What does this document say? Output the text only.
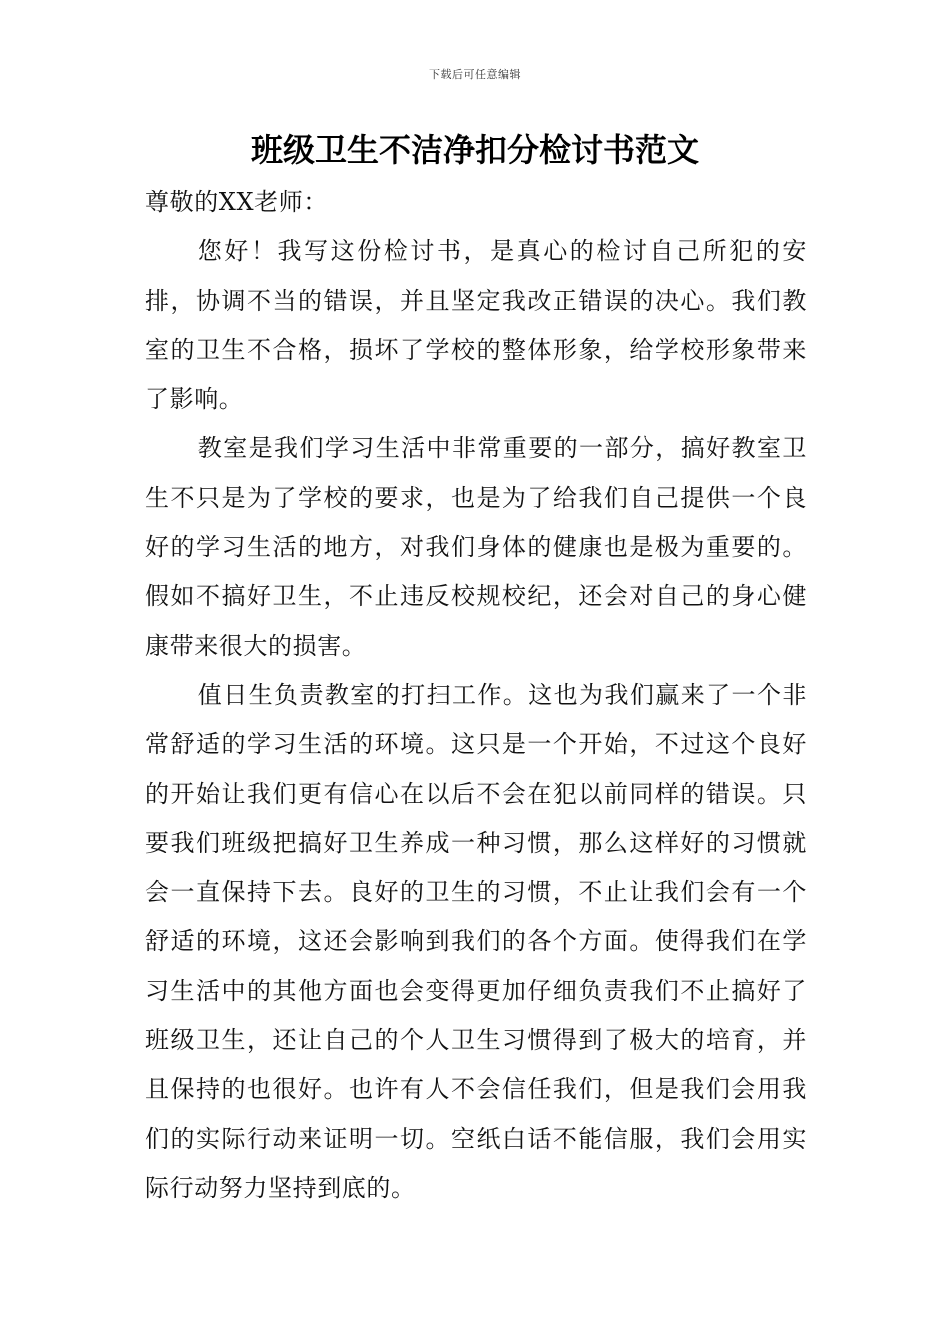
下载后可任意编辑
班级卫生不洁净扣分检讨书范文

尊敬的XX老师：

您好！我写这份检讨书，是真心的检讨自己所犯的安排，协调不当的错误，并且坚定我改正错误的决心。我们教室的卫生不合格，损坏了学校的整体形象，给学校形象带来了影响。

教室是我们学习生活中非常重要的一部分，搞好教室卫生不只是为了学校的要求，也是为了给我们自己提供一个良好的学习生活的地方，对我们身体的健康也是极为重要的。假如不搞好卫生，不止违反校规校纪，还会对自己的身心健康带来很大的损害。

值日生负责教室的打扫工作。这也为我们赢来了一个非常舒适的学习生活的环境。这只是一个开始，不过这个良好的开始让我们更有信心在以后不会在犯以前同样的错误。只要我们班级把搞好卫生养成一种习惯，那么这样好的习惯就会一直保持下去。良好的卫生的习惯，不止让我们会有一个舒适的环境，这还会影响到我们的各个方面。使得我们在学习生活中的其他方面也会变得更加仔细负责我们不止搞好了班级卫生，还让自己的个人卫生习惯得到了极大的培育，并且保持的也很好。也许有人不会信任我们，但是我们会用我们的实际行动来证明一切。空纸白话不能信服，我们会用实际行动努力坚持到底的。
